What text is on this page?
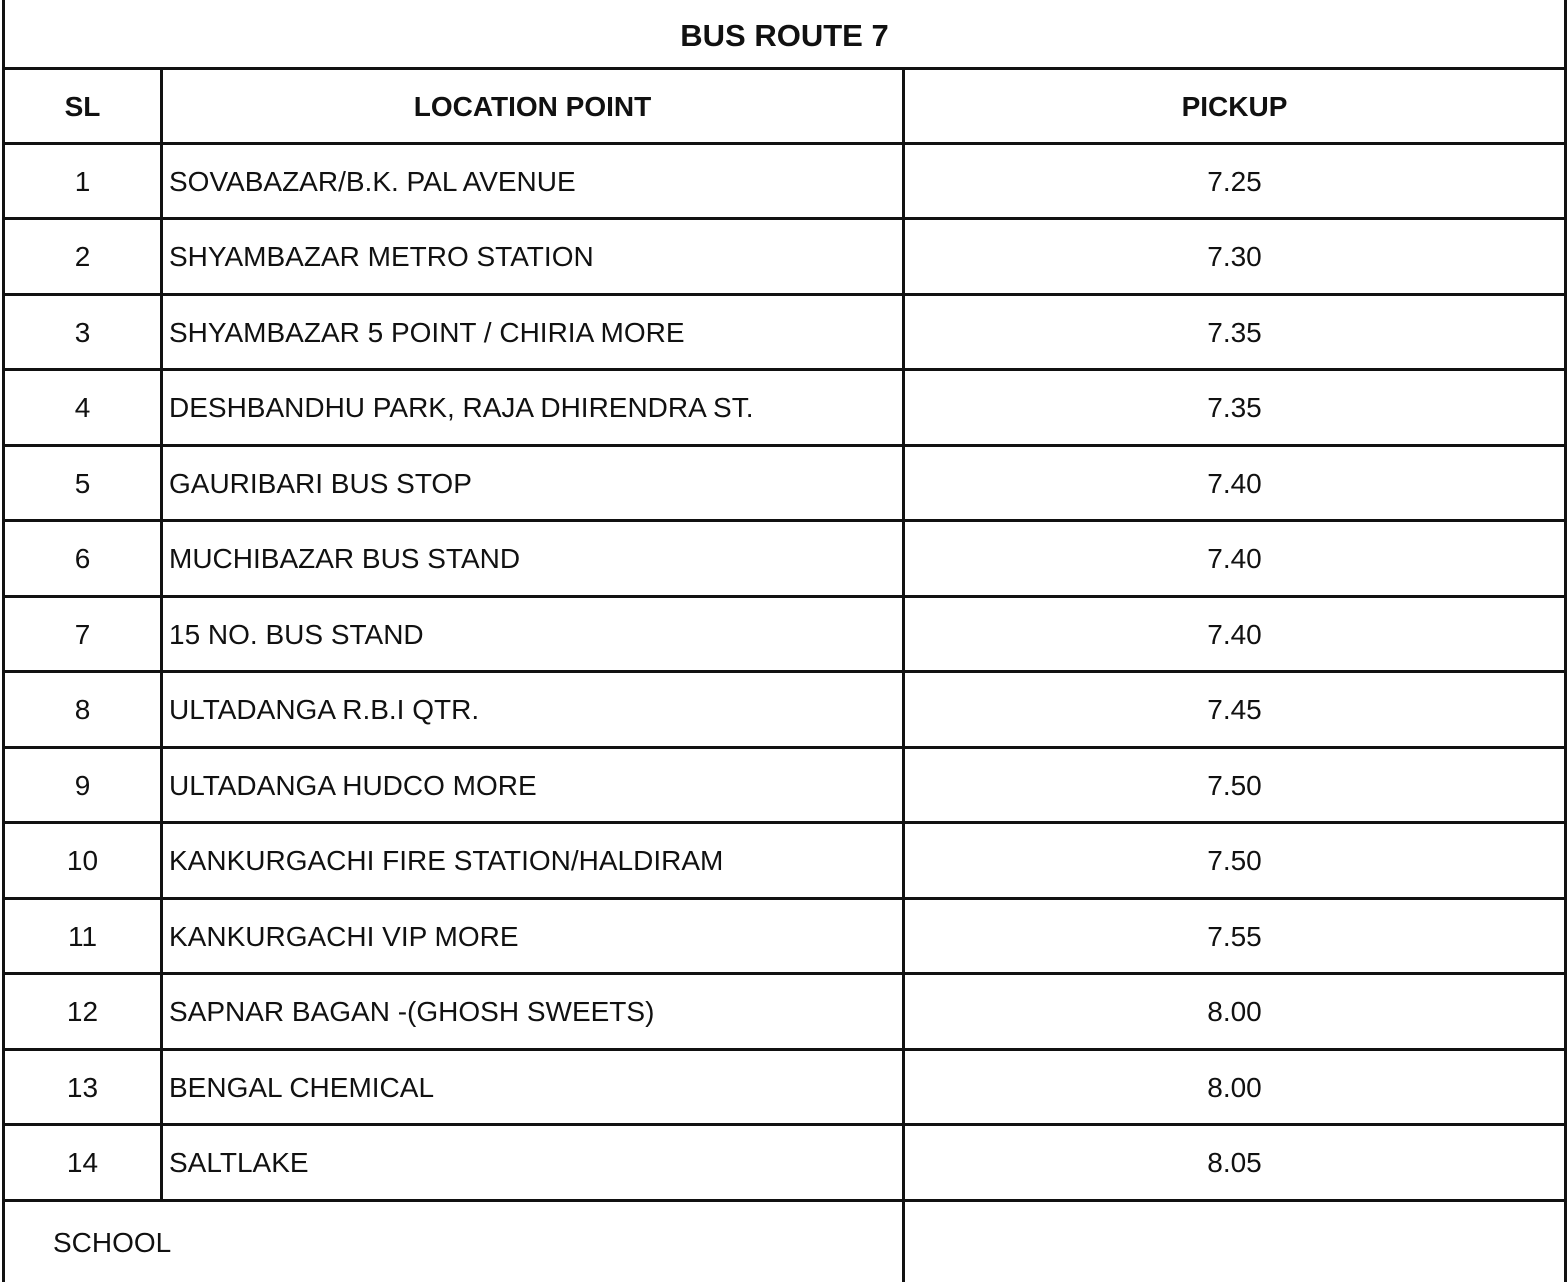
BUS ROUTE 7
SL	LOCATION POINT	PICKUP
1	SOVABAZAR/B.K. PAL AVENUE	7.25
2	SHYAMBAZAR METRO STATION	7.30
3	SHYAMBAZAR 5 POINT / CHIRIA MORE	7.35
4	DESHBANDHU PARK, RAJA DHIRENDRA ST.	7.35
5	GAURIBARI BUS STOP	7.40
6	MUCHIBAZAR BUS STAND	7.40
7	15 NO. BUS STAND	7.40
8	ULTADANGA R.B.I QTR.	7.45
9	ULTADANGA HUDCO MORE	7.50
10	KANKURGACHI FIRE STATION/HALDIRAM	7.50
11	KANKURGACHI VIP MORE	7.55
12	SAPNAR BAGAN -(GHOSH SWEETS)	8.00
13	BENGAL CHEMICAL	8.00
14	SALTLAKE	8.05
SCHOOL
